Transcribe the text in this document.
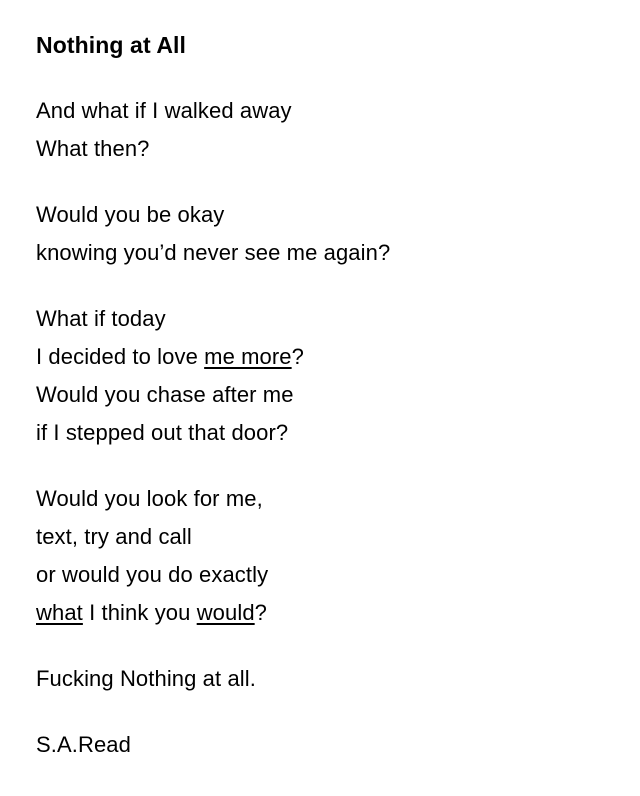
Nothing at All
And what if I walked away
What then?
Would you be okay
knowing you’d never see me again?
What if today
I decided to love me more?
Would you chase after me
if I stepped out that door?
Would you look for me,
text, try and call
or would you do exactly
what I think you would?
Fucking Nothing at all.
S.A.Read
